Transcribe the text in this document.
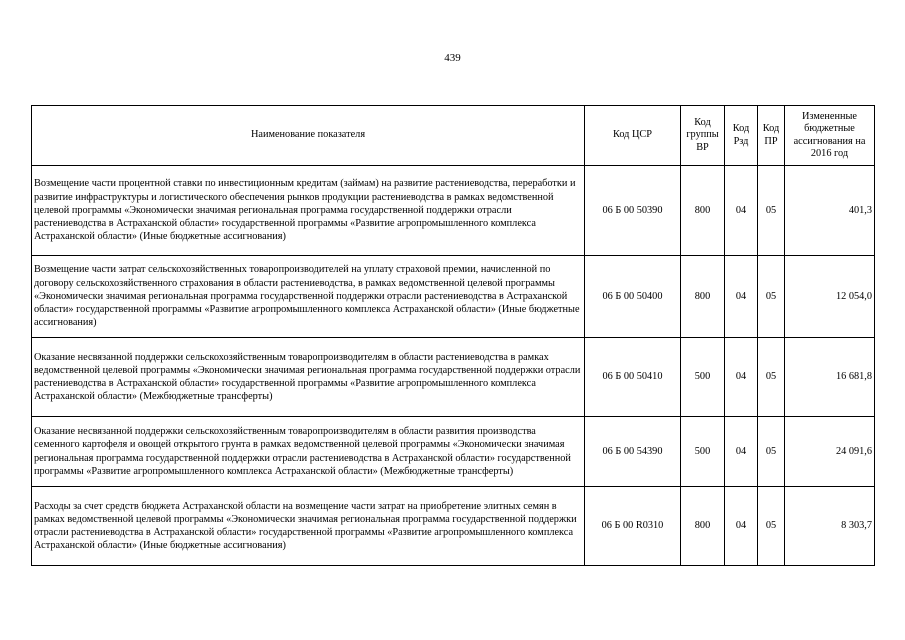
439
Наименование показателя	Код ЦСР	Код группы ВР	Код Рзд	Код ПР	Измененные бюджетные ассигнования на 2016 год
Возмещение части процентной ставки по инвестиционным кредитам (займам) на развитие растениеводства, переработки и развитие инфраструктуры и логистического обеспечения рынков продукции растениеводства в рамках ведомственной целевой программы «Экономически значимая региональная программа государственной поддержки отрасли растениеводства в Астраханской области» государственной программы «Развитие агропромышленного комплекса Астраханской области» (Иные бюджетные ассигнования)	06 Б 00 50390	800	04	05	401,3
Возмещение части затрат сельскохозяйственных товаропроизводителей на уплату страховой премии, начисленной по договору сельскохозяйственного страхования в области растениеводства, в рамках ведомственной целевой программы «Экономически значимая региональная программа государственной поддержки отрасли растениеводства в Астраханской области» государственной программы «Развитие агропромышленного комплекса Астраханской области» (Иные бюджетные ассигнования)	06 Б 00 50400	800	04	05	12 054,0
Оказание несвязанной поддержки сельскохозяйственным товаропроизводителям в области растениеводства в рамках ведомственной целевой программы «Экономически значимая региональная программа государственной поддержки отрасли растениеводства в Астраханской области» государственной программы «Развитие агропромышленного комплекса Астраханской области» (Межбюджетные трансферты)	06 Б 00 50410	500	04	05	16 681,8
Оказание несвязанной поддержки сельскохозяйственным товаропроизводителям в области развития производства семенного картофеля и овощей открытого грунта в рамках ведомственной целевой программы «Экономически значимая региональная программа государственной поддержки отрасли растениеводства в Астраханской области» государственной программы «Развитие агропромышленного комплекса Астраханской области» (Межбюджетные трансферты)	06 Б 00 54390	500	04	05	24 091,6
Расходы за счет средств бюджета Астраханской области на возмещение части затрат на приобретение элитных семян в рамках ведомственной целевой программы «Экономически значимая региональная программа государственной поддержки отрасли растениеводства в Астраханской области» государственной программы «Развитие агропромышленного комплекса Астраханской области» (Иные бюджетные ассигнования)	06 Б 00 R0310	800	04	05	8 303,7
